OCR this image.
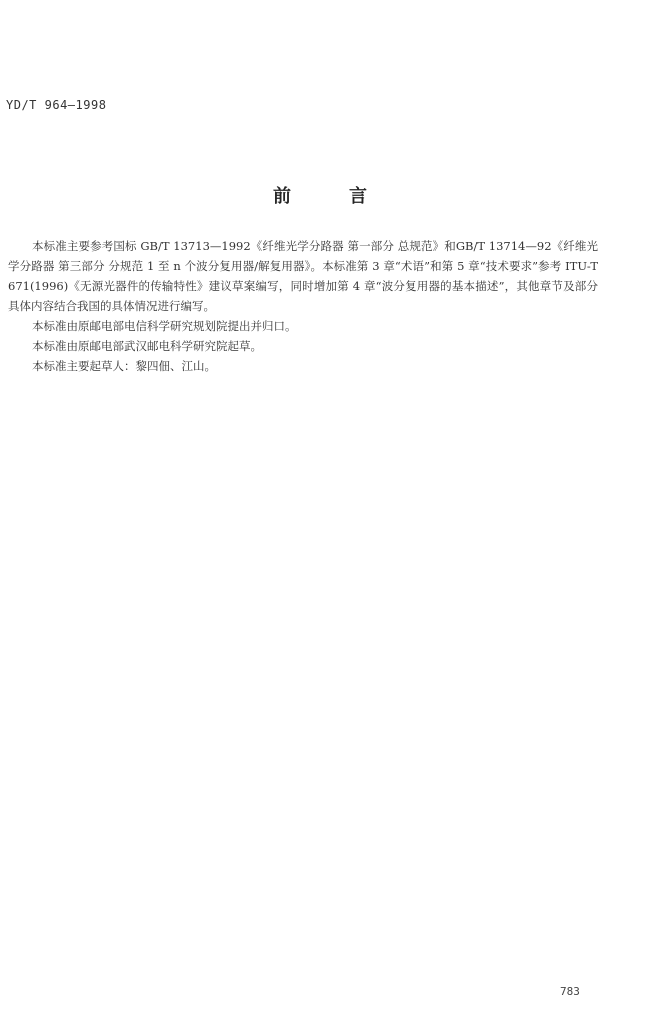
YD/T 964—1998
前言

本标准主要参考国标 GB/T 13713—1992《纤维光学分路器 第一部分 总规范》和GB/T 13714—92《纤维光学分路器 第三部分 分规范 1 至 n 个波分复用器/解复用器》。本标准第 3 章“术语”和第 5 章“技术要求”参考 ITU-T 671(1996)《无源光器件的传输特性》建议草案编写，同时增加第 4 章“波分复用器的基本描述”，其他章节及部分具体内容结合我国的具体情况进行编写。

本标准由原邮电部电信科学研究规划院提出并归口。

本标准由原邮电部武汉邮电科学研究院起草。

本标准主要起草人：黎四佃、江山。

783
